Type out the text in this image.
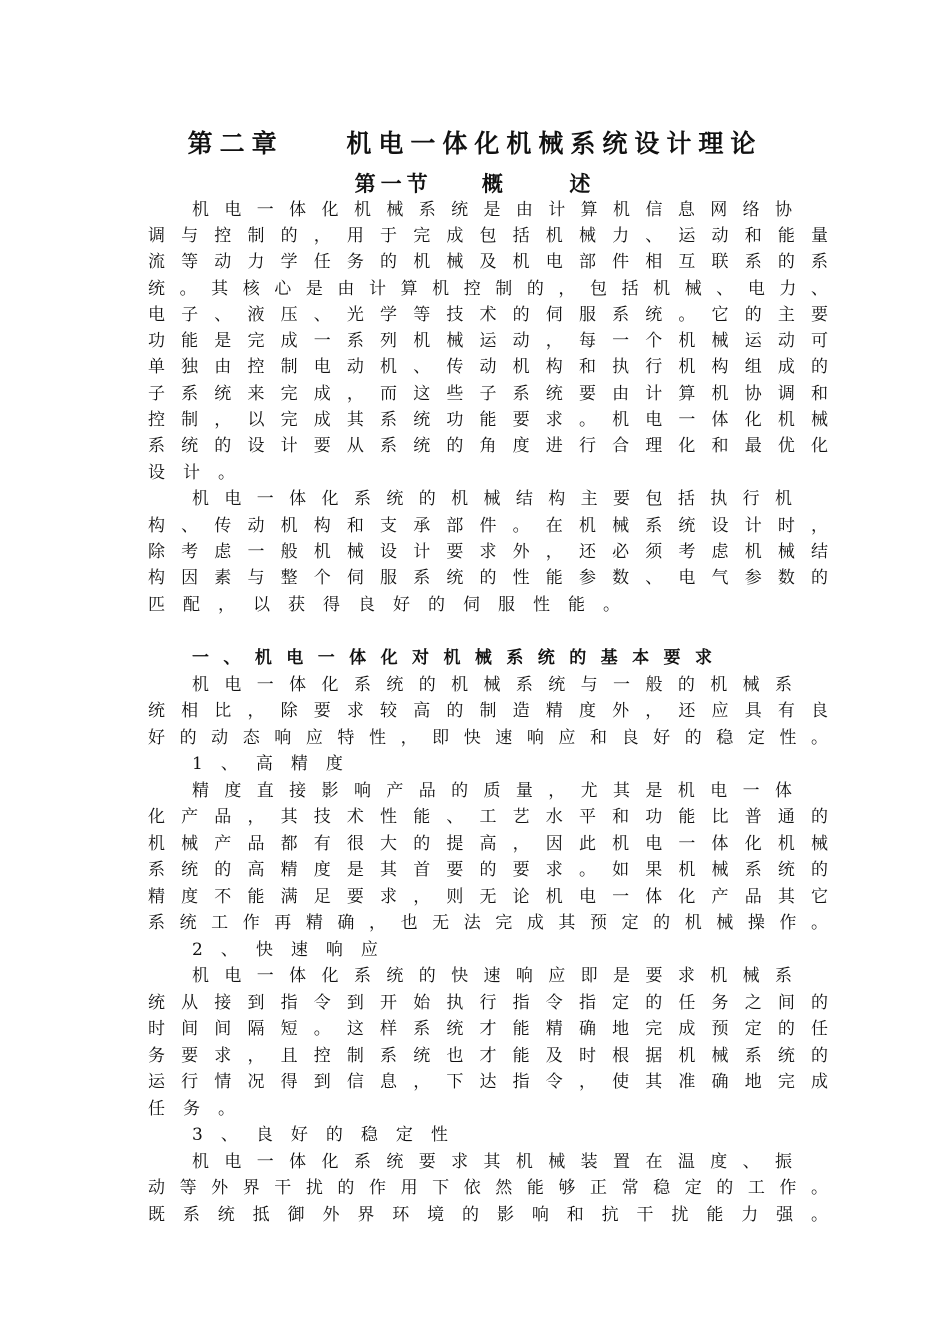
第二章    机电一体化机械系统设计理论
第一节    概     述
机电一体化机械系统是由计算机信息网络协
调与控制的，用于完成包括机械力、运动和能量
流等动力学任务的机械及机电部件相互联系的系
统。其核心是由计算机控制的，包括机械、电力、
电子、液压、光学等技术的伺服系统。它的主要
功能是完成一系列机械运动，每一个机械运动可
单独由控制电动机、传动机构和执行机构组成的
子系统来完成，而这些子系统要由计算机协调和
控制，以完成其系统功能要求。机电一体化机械
系统的设计要从系统的角度进行合理化和最优化
设计。
机电一体化系统的机械结构主要包括执行机
构、传动机构和支承部件。在机械系统设计时，
除考虑一般机械设计要求外，还必须考虑机械结
构因素与整个伺服系统的性能参数、电气参数的
匹配，以获得良好的伺服性能。
一、机电一体化对机械系统的基本要求
机电一体化系统的机械系统与一般的机械系
统相比，除要求较高的制造精度外，还应具有良
好的动态响应特性，即快速响应和良好的稳定性。
1、高精度
精度直接影响产品的质量，尤其是机电一体
化产品，其技术性能、工艺水平和功能比普通的
机械产品都有很大的提高，因此机电一体化机械
系统的高精度是其首要的要求。如果机械系统的
精度不能满足要求，则无论机电一体化产品其它
系统工作再精确，也无法完成其预定的机械操作。
2、快速响应
机电一体化系统的快速响应即是要求机械系
统从接到指令到开始执行指令指定的任务之间的
时间间隔短。这样系统才能精确地完成预定的任
务要求，且控制系统也才能及时根据机械系统的
运行情况得到信息，下达指令，使其准确地完成
任务。
3、良好的稳定性
机电一体化系统要求其机械装置在温度、振
动等外界干扰的作用下依然能够正常稳定的工作。
既系统抵御外界环境的影响和抗干扰能力强。
